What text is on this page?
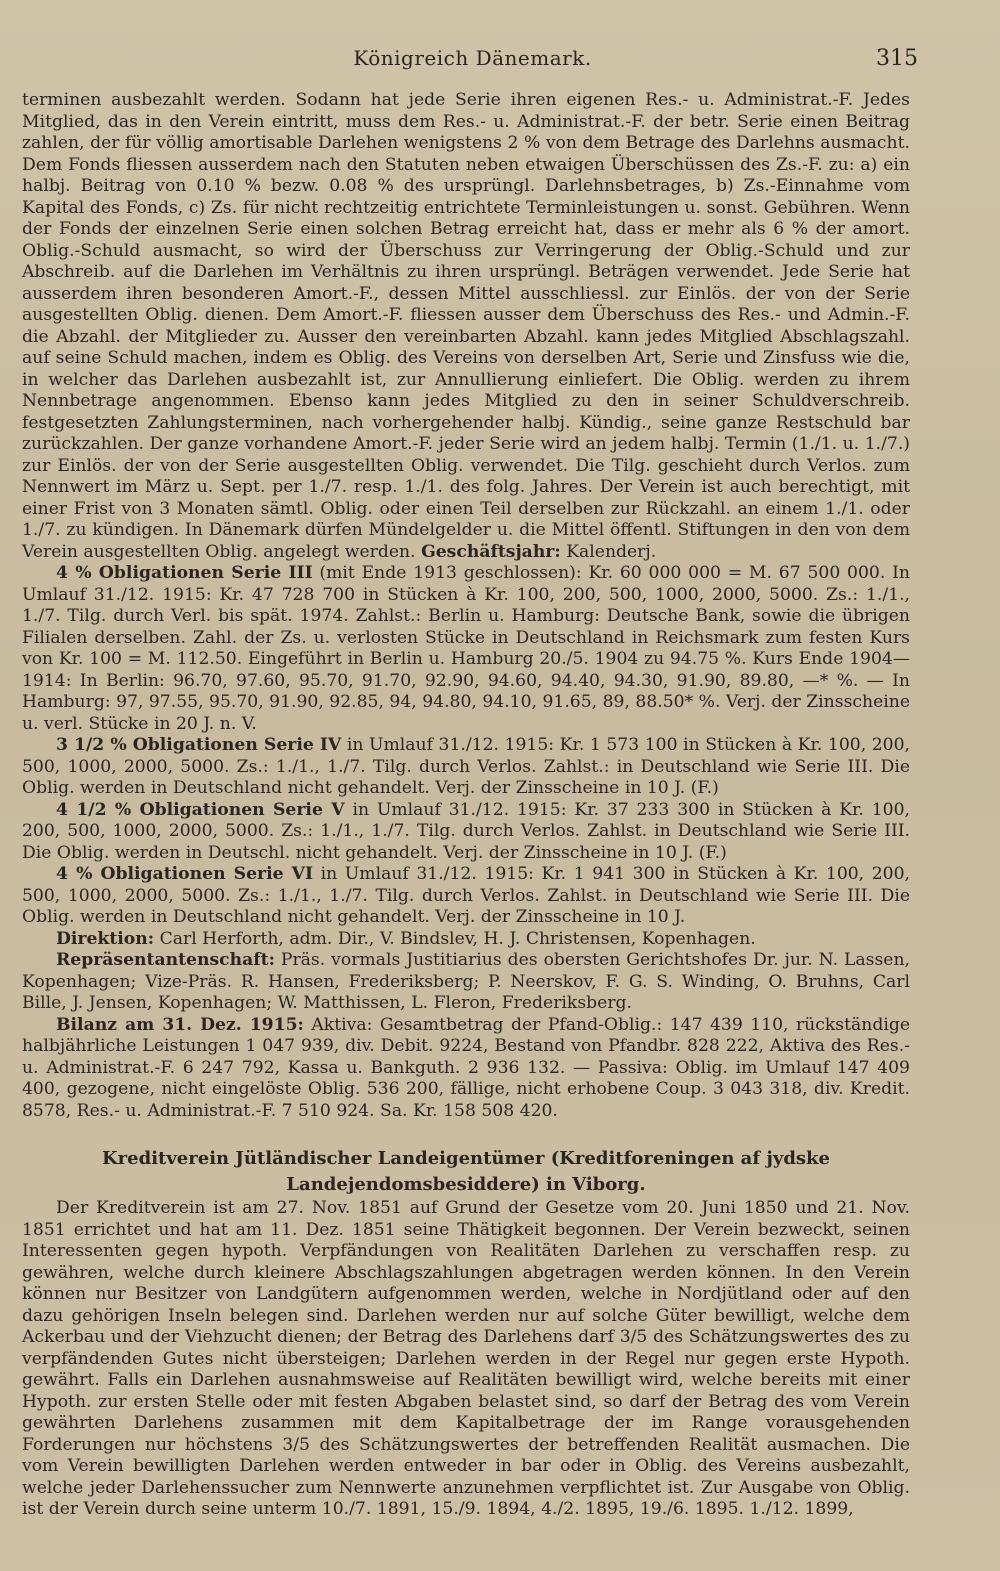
Königreich Dänemark.	315

terminen ausbezahlt werden. Sodann hat jede Serie ihren eigenen Res.- u. Administrat.-F. Jedes Mitglied, das in den Verein eintritt, muss dem Res.- u. Administrat.-F. der betr. Serie einen Beitrag zahlen, der für völlig amortisable Darlehen wenigstens 2 % von dem Betrage des Darlehns ausmacht. Dem Fonds fliessen ausserdem nach den Statuten neben etwaigen Überschüssen des Zs.-F. zu: a) ein halbj. Beitrag von 0.10 % bezw. 0.08 % des ursprüngl. Darlehnsbetrages, b) Zs.-Einnahme vom Kapital des Fonds, c) Zs. für nicht rechtzeitig entrichtete Terminleistungen u. sonst. Gebühren. Wenn der Fonds der einzelnen Serie einen solchen Betrag erreicht hat, dass er mehr als 6 % der amort. Oblig.-Schuld ausmacht, so wird der Überschuss zur Verringerung der Oblig.-Schuld und zur Abschreib. auf die Darlehen im Verhältnis zu ihren ursprüngl. Beträgen verwendet. Jede Serie hat ausserdem ihren besonderen Amort.-F., dessen Mittel ausschliessl. zur Einlös. der von der Serie ausgestellten Oblig. dienen. Dem Amort.-F. fliessen ausser dem Überschuss des Res.- und Admin.-F. die Abzahl. der Mitglieder zu. Ausser den vereinbarten Abzahl. kann jedes Mitglied Abschlagszahl. auf seine Schuld machen, indem es Oblig. des Vereins von derselben Art, Serie und Zinsfuss wie die, in welcher das Darlehen ausbezahlt ist, zur Annullierung einliefert. Die Oblig. werden zu ihrem Nennbetrage angenommen. Ebenso kann jedes Mitglied zu den in seiner Schuldverschreib. festgesetzten Zahlungsterminen, nach vorhergehender halbj. Kündig., seine ganze Restschuld bar zurückzahlen. Der ganze vorhandene Amort.-F. jeder Serie wird an jedem halbj. Termin (1./1. u. 1./7.) zur Einlös. der von der Serie ausgestellten Oblig. verwendet. Die Tilg. geschieht durch Verlos. zum Nennwert im März u. Sept. per 1./7. resp. 1./1. des folg. Jahres. Der Verein ist auch berechtigt, mit einer Frist von 3 Monaten sämtl. Oblig. oder einen Teil derselben zur Rückzahl. an einem 1./1. oder 1./7. zu kündigen. In Dänemark dürfen Mündelgelder u. die Mittel öffentl. Stiftungen in den von dem Verein ausgestellten Oblig. angelegt werden. Geschäftsjahr: Kalenderj.

4 % Obligationen Serie III (mit Ende 1913 geschlossen): Kr. 60 000 000 = M. 67 500 000. In Umlauf 31./12. 1915: Kr. 47 728 700 in Stücken à Kr. 100, 200, 500, 1000, 2000, 5000. Zs.: 1./1., 1./7. Tilg. durch Verl. bis spät. 1974. Zahlst.: Berlin u. Hamburg: Deutsche Bank, sowie die übrigen Filialen derselben. Zahl. der Zs. u. verlosten Stücke in Deutschland in Reichsmark zum festen Kurs von Kr. 100 = M. 112.50. Eingeführt in Berlin u. Hamburg 20./5. 1904 zu 94.75 %. Kurs Ende 1904—1914: In Berlin: 96.70, 97.60, 95.70, 91.70, 92.90, 94.60, 94.40, 94.30, 91.90, 89.80, —* %. — In Hamburg: 97, 97.55, 95.70, 91.90, 92.85, 94, 94.80, 94.10, 91.65, 89, 88.50* %. Verj. der Zinsscheine u. verl. Stücke in 20 J. n. V.

3 1/2 % Obligationen Serie IV in Umlauf 31./12. 1915: Kr. 1 573 100 in Stücken à Kr. 100, 200, 500, 1000, 2000, 5000. Zs.: 1./1., 1./7. Tilg. durch Verlos. Zahlst.: in Deutschland wie Serie III. Die Oblig. werden in Deutschland nicht gehandelt. Verj. der Zinsscheine in 10 J. (F.)

4 1/2 % Obligationen Serie V in Umlauf 31./12. 1915: Kr. 37 233 300 in Stücken à Kr. 100, 200, 500, 1000, 2000, 5000. Zs.: 1./1., 1./7. Tilg. durch Verlos. Zahlst. in Deutschland wie Serie III. Die Oblig. werden in Deutschl. nicht gehandelt. Verj. der Zinsscheine in 10 J. (F.)

4 % Obligationen Serie VI in Umlauf 31./12. 1915: Kr. 1 941 300 in Stücken à Kr. 100, 200, 500, 1000, 2000, 5000. Zs.: 1./1., 1./7. Tilg. durch Verlos. Zahlst. in Deutschland wie Serie III. Die Oblig. werden in Deutschland nicht gehandelt. Verj. der Zinsscheine in 10 J.

Direktion: Carl Herforth, adm. Dir., V. Bindslev, H. J. Christensen, Kopenhagen.

Repräsentantenschaft: Präs. vormals Justitiarius des obersten Gerichtshofes Dr. jur. N. Lassen, Kopenhagen; Vize-Präs. R. Hansen, Frederiksberg; P. Neerskov, F. G. S. Winding, O. Bruhns, Carl Bille, J. Jensen, Kopenhagen; W. Matthissen, L. Fleron, Frederiksberg.

Bilanz am 31. Dez. 1915: Aktiva: Gesamtbetrag der Pfand-Oblig.: 147 439 110, rückständige halbjährliche Leistungen 1 047 939, div. Debit. 9224, Bestand von Pfandbr. 828 222, Aktiva des Res.- u. Administrat.-F. 6 247 792, Kassa u. Bankguth. 2 936 132. — Passiva: Oblig. im Umlauf 147 409 400, gezogene, nicht eingelöste Oblig. 536 200, fällige, nicht erhobene Coup. 3 043 318, div. Kredit. 8578, Res.- u. Administrat.-F. 7 510 924. Sa. Kr. 158 508 420.

Kreditverein Jütländischer Landeigentümer (Kreditforeningen af jydske
Landejendomsbesiddere) in Viborg.

Der Kreditverein ist am 27. Nov. 1851 auf Grund der Gesetze vom 20. Juni 1850 und 21. Nov. 1851 errichtet und hat am 11. Dez. 1851 seine Thätigkeit begonnen. Der Verein bezweckt, seinen Interessenten gegen hypoth. Verpfändungen von Realitäten Darlehen zu verschaffen resp. zu gewähren, welche durch kleinere Abschlagszahlungen abgetragen werden können. In den Verein können nur Besitzer von Landgütern aufgenommen werden, welche in Nordjütland oder auf den dazu gehörigen Inseln belegen sind. Darlehen werden nur auf solche Güter bewilligt, welche dem Ackerbau und der Viehzucht dienen; der Betrag des Darlehens darf 3/5 des Schätzungswertes des zu verpfändenden Gutes nicht übersteigen; Darlehen werden in der Regel nur gegen erste Hypoth. gewährt. Falls ein Darlehen ausnahmsweise auf Realitäten bewilligt wird, welche bereits mit einer Hypoth. zur ersten Stelle oder mit festen Abgaben belastet sind, so darf der Betrag des vom Verein gewährten Darlehens zusammen mit dem Kapitalbetrage der im Range vorausgehenden Forderungen nur höchstens 3/5 des Schätzungswertes der betreffenden Realität ausmachen. Die vom Verein bewilligten Darlehen werden entweder in bar oder in Oblig. des Vereins ausbezahlt, welche jeder Darlehenssucher zum Nennwerte anzunehmen verpflichtet ist. Zur Ausgabe von Oblig. ist der Verein durch seine unterm 10./7. 1891, 15./9. 1894, 4./2. 1895, 19./6. 1895. 1./12. 1899,
